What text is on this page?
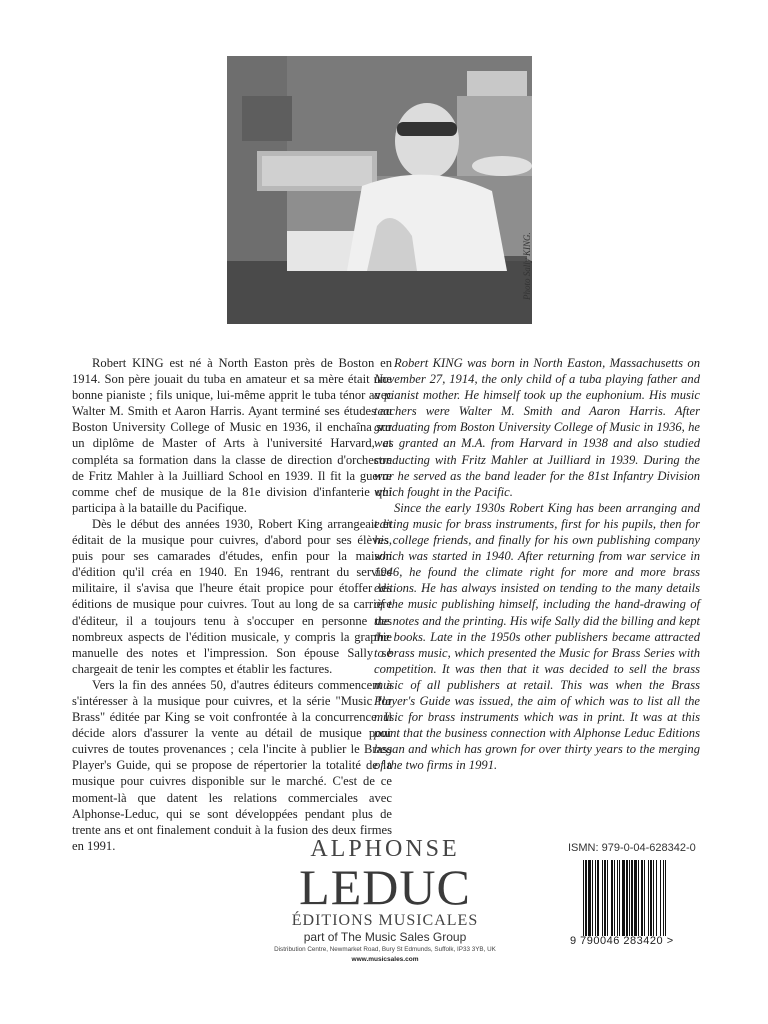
Photo Sally KING.

Robert KING est né à North Easton près de Boston en 1914. Son père jouait du tuba en amateur et sa mère était une bonne pianiste ; fils unique, lui-même apprit le tuba ténor avec Walter M. Smith et Aaron Harris. Ayant terminé ses études au Boston University College of Music en 1936, il enchaîna sur un diplôme de Master of Arts à l'université Harvard, et compléta sa formation dans la classe de direction d'orchestre de Fritz Mahler à la Juilliard School en 1939. Il fit la guerre comme chef de musique de la 81e division d'infanterie qui participa à la bataille du Pacifique.

Dès le début des années 1930, Robert King arrangeait et éditait de la musique pour cuivres, d'abord pour ses élèves, puis pour ses camarades d'études, enfin pour la maison d'édition qu'il créa en 1940. En 1946, rentrant du service militaire, il s'avisa que l'heure était propice pour étoffer les éditions de musique pour cuivres. Tout au long de sa carrière d'éditeur, il a toujours tenu à s'occuper en personne des nombreux aspects de l'édition musicale, y compris la graphie manuelle des notes et l'impression. Son épouse Sally se chargeait de tenir les comptes et établir les factures.

Vers la fin des années 50, d'autres éditeurs commencent à s'intéresser à la musique pour cuivres, et la série "Music for Brass" éditée par King se voit confrontée à la concurrence. Il décide alors d'assurer la vente au détail de musique pour cuivres de toutes provenances ; cela l'incite à publier le Brass Player's Guide, qui se propose de répertorier la totalité de la musique pour cuivres disponible sur le marché. C'est de ce moment-là que datent les relations commerciales avec Alphonse-Leduc, qui se sont développées pendant plus de trente ans et ont finalement conduit à la fusion des deux firmes en 1991.

Robert KING was born in North Easton, Massachusetts on November 27, 1914, the only child of a tuba playing father and a pianist mother. He himself took up the euphonium. His music teachers were Walter M. Smith and Aaron Harris. After graduating from Boston University College of Music in 1936, he was granted an M.A. from Harvard in 1938 and also studied conducting with Fritz Mahler at Juilliard in 1939. During the war he served as the band leader for the 81st Infantry Division which fought in the Pacific.

Since the early 1930s Robert King has been arranging and editing music for brass instruments, first for his pupils, then for his college friends, and finally for his own publishing company which was started in 1940. After returning from war service in 1946, he found the climate right for more and more brass editions. He has always insisted on tending to the many details of the music publishing himself, including the hand-drawing of the notes and the printing. His wife Sally did the billing and kept the books. Late in the 1950s other publishers became attracted to brass music, which presented the Music for Brass Series with competition. It was then that it was decided to sell the brass music of all publishers at retail. This was when the Brass Player's Guide was issued, the aim of which was to list all the music for brass instruments which was in print. It was at this point that the business connection with Alphonse Leduc Editions began and which has grown for over thirty years to the merging of the two firms in 1991.

ALPHONSE
LEDUC
ÉDITIONS MUSICALES
part of The Music Sales Group
Distribution Centre, Newmarket Road, Bury St Edmunds, Suffolk, IP33 3YB, UK
www.musicsales.com
ISMN: 979-0-04-628342-0
9 790046 283420 >
